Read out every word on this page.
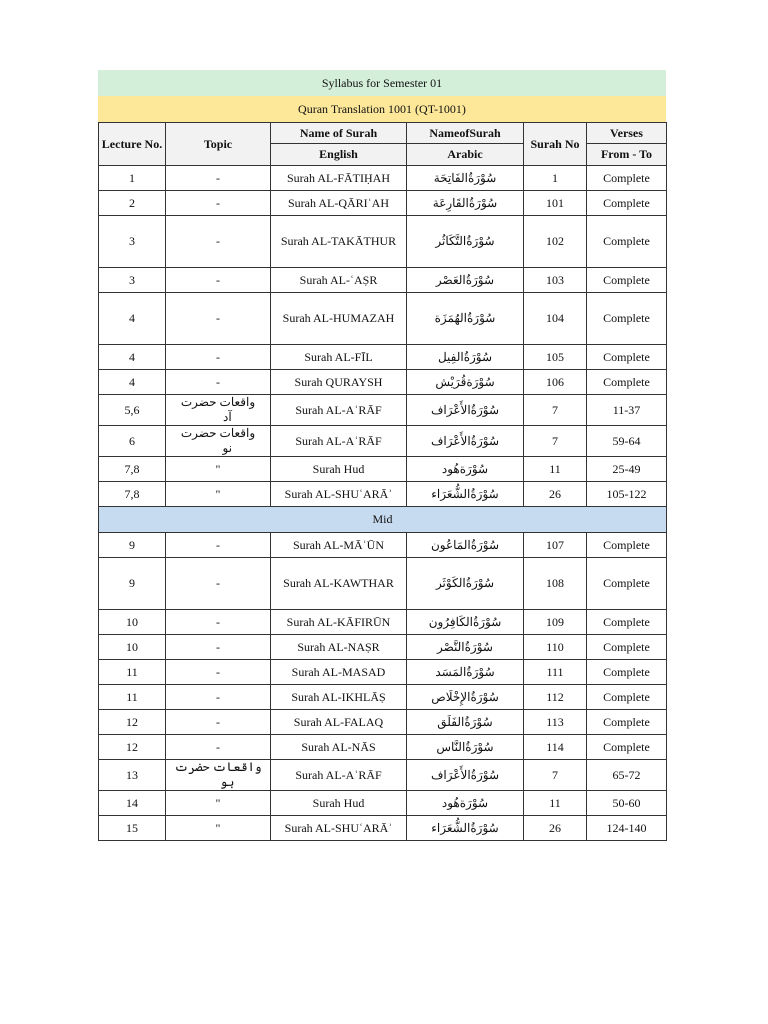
Syllabus for Semester 01
Quran Translation 1001 (QT-1001)
Lecture No.	Topic	Name of Surah	NameofSurah	Surah No	Verses
		English	Arabic		From - To
1	-	Surah AL-FĀTIḤAH	سُوْرَةُالفَاتِحَة	1	Complete
2	-	Surah AL-QĀRIʿAH	سُوْرَةُالقَارِعَة	101	Complete
3	-	Surah AL-TAKĀTHUR	سُوْرَةُالتَّكَاثُر	102	Complete
3	-	Surah AL-ʿAṢR	سُوْرَةُالعَصْر	103	Complete
4	-	Surah AL-HUMAZAH	سُوْرَةُالهُمَزَة	104	Complete
4	-	Surah AL-FĪL	سُوْرَةُالفِيل	105	Complete
4	-	Surah QURAYSH	سُوْرَةقُرَيْش	106	Complete
5,6	واقعات حضرت آدمؑ	Surah AL-AʿRĀF	سُوْرَةُالأَعْرَاف	7	11-37
6	واقعات حضرت نوحؑ	Surah AL-AʿRĀF	سُوْرَةُالأَعْرَاف	7	59-64
7,8	"	Surah Hud	سُوْرَةهُود	11	25-49
7,8	"	Surah AL-SHUʿARĀʾ	سُوْرَةُالشُّعَرَاء	26	105-122
Mid					
9	-	Surah AL-MĀʿŪN	سُوْرَةُالمَاعُون	107	Complete
9	-	Surah AL-KAWTHAR	سُوْرَةُالكَوْثَر	108	Complete
10	-	Surah AL-KĀFIRŪN	سُوْرَةُالكَافِرُون	109	Complete
10	-	Surah AL-NAṢR	سُوْرَةُالنَّصْر	110	Complete
11	-	Surah AL-MASAD	سُوْرَةُالمَسَد	111	Complete
11	-	Surah AL-IKHLĀṢ	سُوْرَةُالإِخْلَاص	112	Complete
12	-	Surah AL-FALAQ	سُوْرَةُالفَلَق	113	Complete
12	-	Surah AL-NĀS	سُوْرَةُالنَّاس	114	Complete
13	واقعات حضرت ہودؑ	Surah AL-AʿRĀF	سُوْرَةُالأَعْرَاف	7	65-72
14	"	Surah Hud	سُوْرَةهُود	11	50-60
15	"	Surah AL-SHUʿARĀʾ	سُوْرَةُالشُّعَرَاء	26	124-140
